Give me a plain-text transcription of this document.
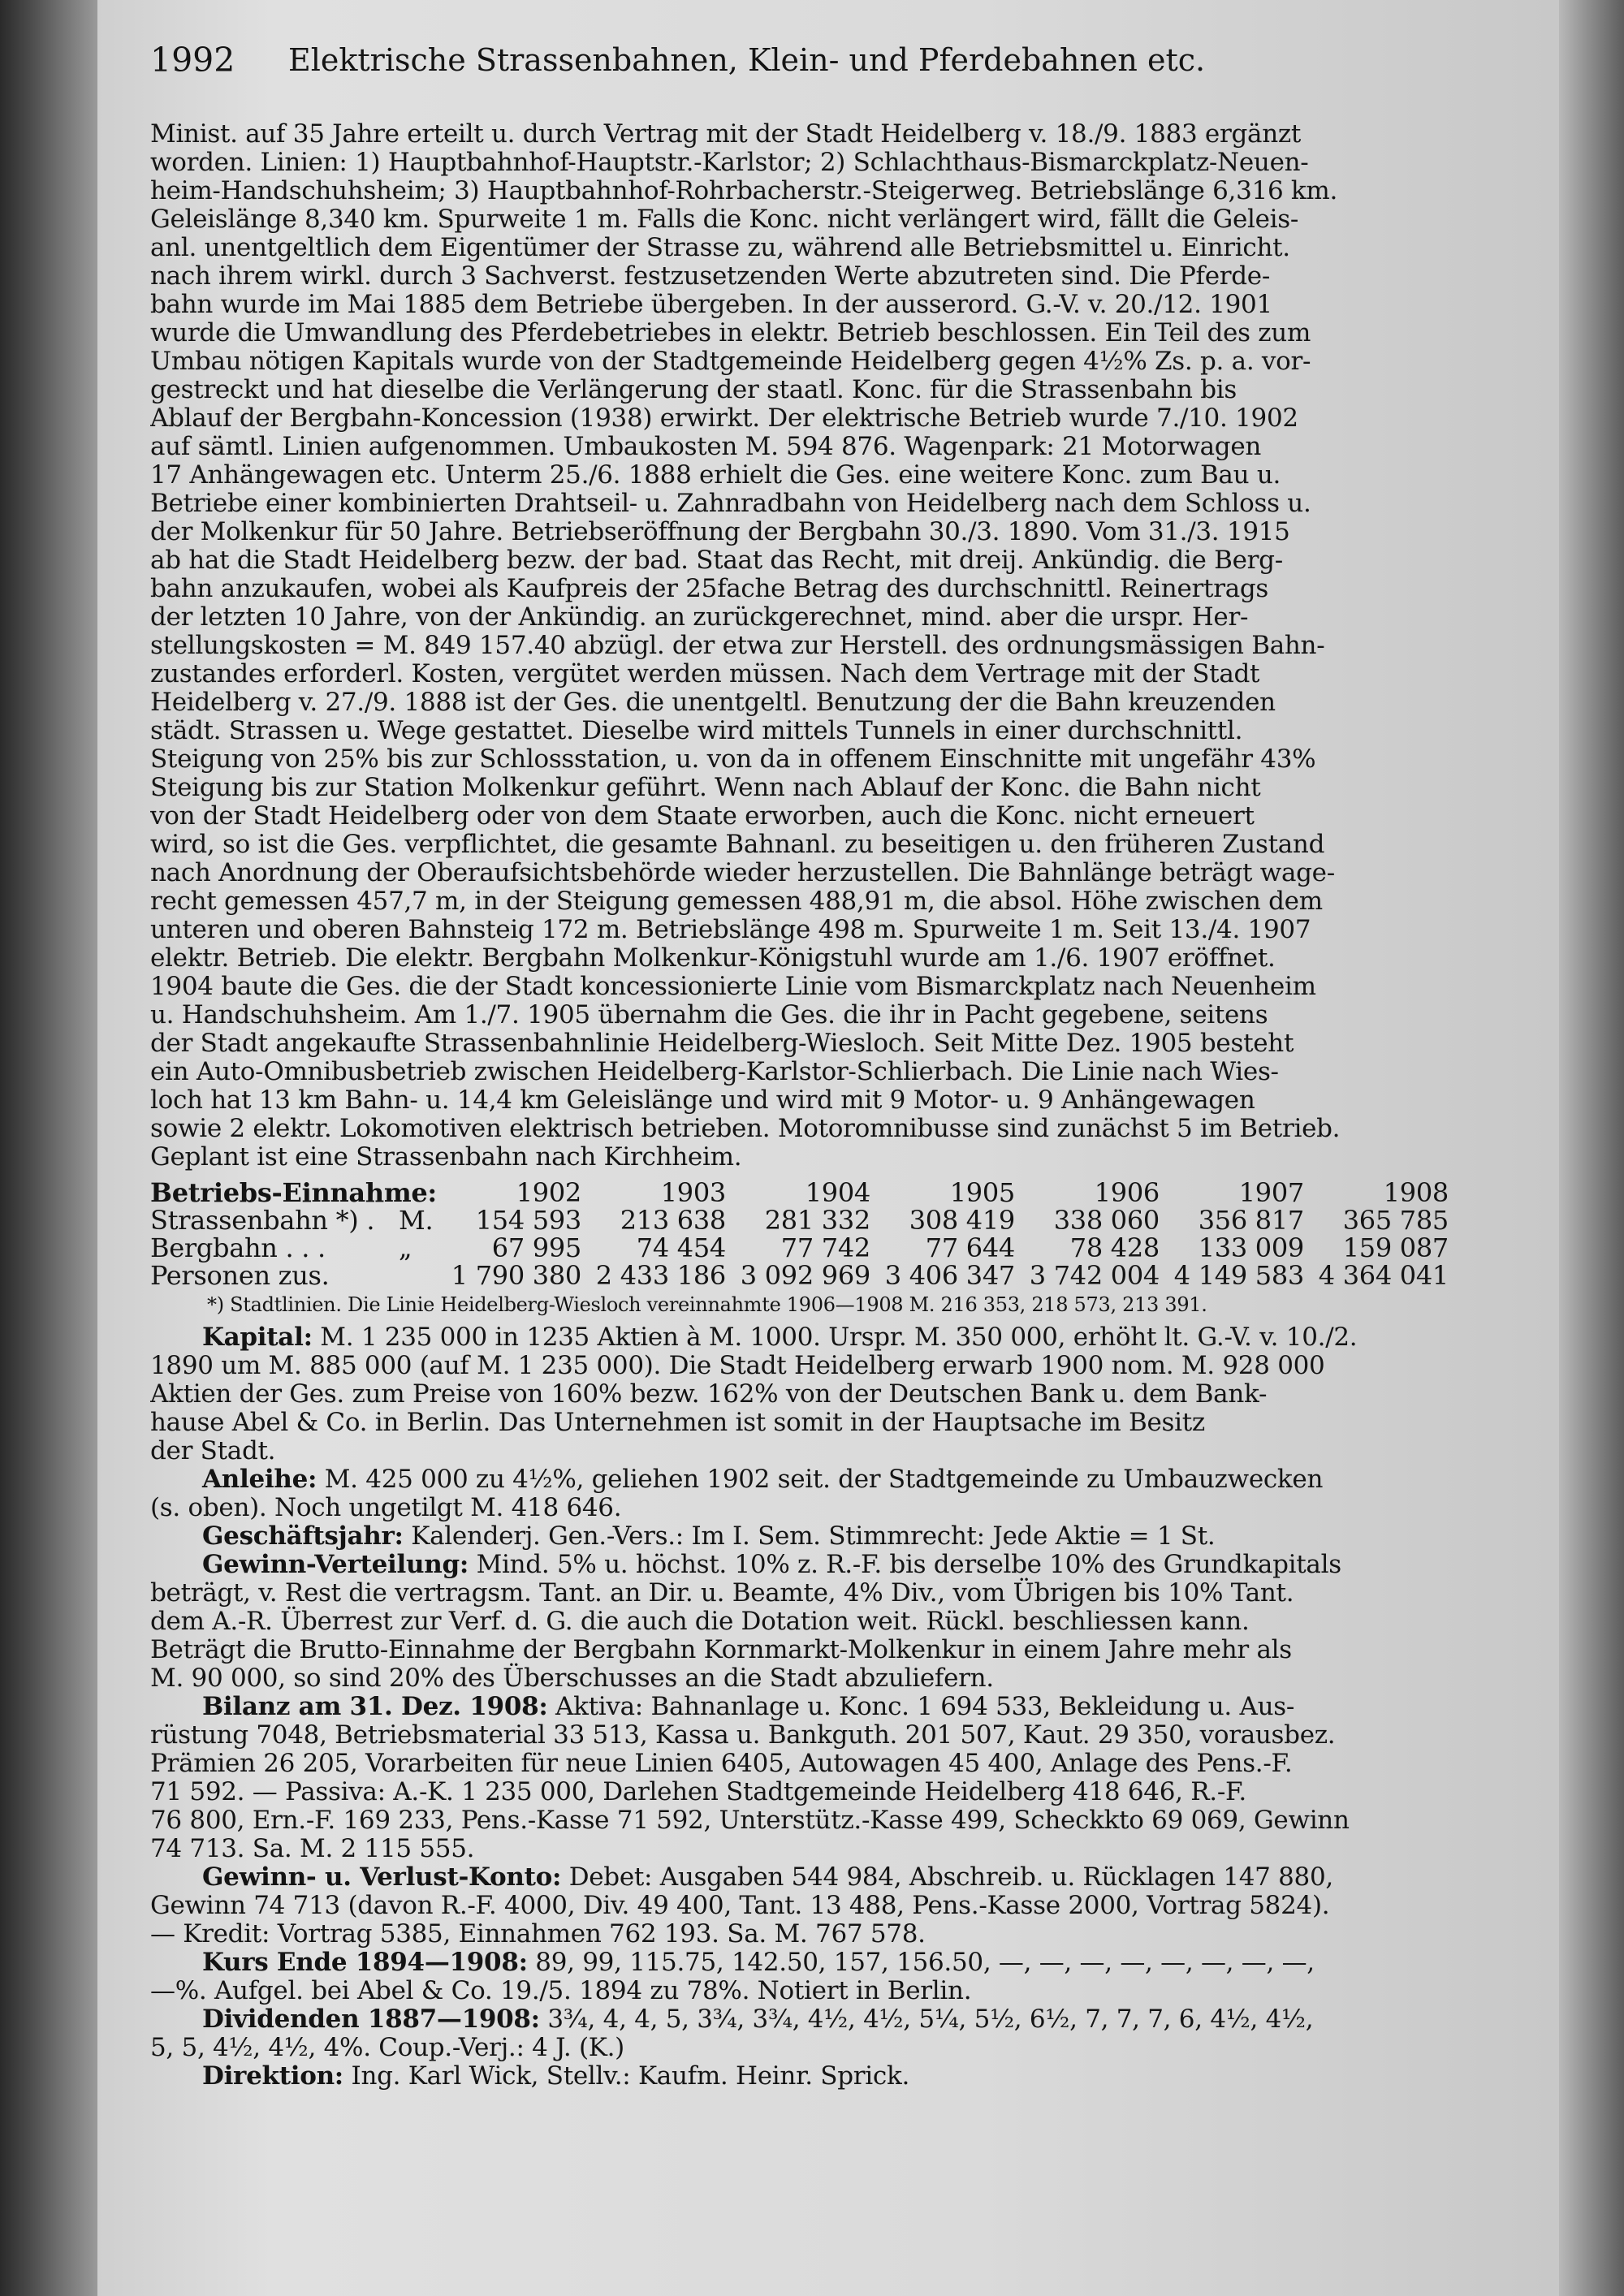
1992	Elektrische Strassenbahnen, Klein- und Pferdebahnen etc.
Minist. auf 35 Jahre erteilt u. durch Vertrag mit der Stadt Heidelberg v. 18./9. 1883 ergänzt
worden. Linien: 1) Hauptbahnhof-Hauptstr.-Karlstor; 2) Schlachthaus-Bismarckplatz-Neuen-
heim-Handschuhsheim; 3) Hauptbahnhof-Rohrbacherstr.-Steigerweg. Betriebslänge 6,316 km.
Geleislänge 8,340 km. Spurweite 1 m. Falls die Konc. nicht verlängert wird, fällt die Geleis-
anl. unentgeltlich dem Eigentümer der Strasse zu, während alle Betriebsmittel u. Einricht.
nach ihrem wirkl. durch 3 Sachverst. festzusetzenden Werte abzutreten sind. Die Pferde-
bahn wurde im Mai 1885 dem Betriebe übergeben. In der ausserord. G.-V. v. 20./12. 1901
wurde die Umwandlung des Pferdebetriebes in elektr. Betrieb beschlossen. Ein Teil des zum
Umbau nötigen Kapitals wurde von der Stadtgemeinde Heidelberg gegen 4½% Zs. p. a. vor-
gestreckt und hat dieselbe die Verlängerung der staatl. Konc. für die Strassenbahn bis
Ablauf der Bergbahn-Koncession (1938) erwirkt. Der elektrische Betrieb wurde 7./10. 1902
auf sämtl. Linien aufgenommen. Umbaukosten M. 594 876. Wagenpark: 21 Motorwagen
17 Anhängewagen etc. Unterm 25./6. 1888 erhielt die Ges. eine weitere Konc. zum Bau u.
Betriebe einer kombinierten Drahtseil- u. Zahnradbahn von Heidelberg nach dem Schloss u.
der Molkenkur für 50 Jahre. Betriebseröffnung der Bergbahn 30./3. 1890. Vom 31./3. 1915
ab hat die Stadt Heidelberg bezw. der bad. Staat das Recht, mit dreij. Ankündig. die Berg-
bahn anzukaufen, wobei als Kaufpreis der 25fache Betrag des durchschnittl. Reinertrags
der letzten 10 Jahre, von der Ankündig. an zurückgerechnet, mind. aber die urspr. Her-
stellungskosten = M. 849 157.40 abzügl. der etwa zur Herstell. des ordnungsmässigen Bahn-
zustandes erforderl. Kosten, vergütet werden müssen. Nach dem Vertrage mit der Stadt
Heidelberg v. 27./9. 1888 ist der Ges. die unentgeltl. Benutzung der die Bahn kreuzenden
städt. Strassen u. Wege gestattet. Dieselbe wird mittels Tunnels in einer durchschnittl.
Steigung von 25% bis zur Schlossstation, u. von da in offenem Einschnitte mit ungefähr 43%
Steigung bis zur Station Molkenkur geführt. Wenn nach Ablauf der Konc. die Bahn nicht
von der Stadt Heidelberg oder von dem Staate erworben, auch die Konc. nicht erneuert
wird, so ist die Ges. verpflichtet, die gesamte Bahnanl. zu beseitigen u. den früheren Zustand
nach Anordnung der Oberaufsichtsbehörde wieder herzustellen. Die Bahnlänge beträgt wage-
recht gemessen 457,7 m, in der Steigung gemessen 488,91 m, die absol. Höhe zwischen dem
unteren und oberen Bahnsteig 172 m. Betriebslänge 498 m. Spurweite 1 m. Seit 13./4. 1907
elektr. Betrieb. Die elektr. Bergbahn Molkenkur-Königstuhl wurde am 1./6. 1907 eröffnet.
1904 baute die Ges. die der Stadt koncessionierte Linie vom Bismarckplatz nach Neuenheim
u. Handschuhsheim. Am 1./7. 1905 übernahm die Ges. die ihr in Pacht gegebene, seitens
der Stadt angekaufte Strassenbahnlinie Heidelberg-Wiesloch. Seit Mitte Dez. 1905 besteht
ein Auto-Omnibusbetrieb zwischen Heidelberg-Karlstor-Schlierbach. Die Linie nach Wies-
loch hat 13 km Bahn- u. 14,4 km Geleislänge und wird mit 9 Motor- u. 9 Anhängewagen
sowie 2 elektr. Lokomotiven elektrisch betrieben. Motoromnibusse sind zunächst 5 im Betrieb.
Geplant ist eine Strassenbahn nach Kirchheim.
Betriebs-Einnahme:		1902	1903	1904	1905	1906	1907	1908
Strassenbahn *) .	M.	154 593	213 638	281 332	308 419	338 060	356 817	365 785
Bergbahn . . .	„	67 995	74 454	77 742	77 644	78 428	133 009	159 087
Personen zus.		1 790 380	2 433 186	3 092 969	3 406 347	3 742 004	4 149 583	4 364 041
*) Stadtlinien. Die Linie Heidelberg-Wiesloch vereinnahmte 1906—1908 M. 216 353, 218 573, 213 391.
Kapital: M. 1 235 000 in 1235 Aktien à M. 1000. Urspr. M. 350 000, erhöht lt. G.-V. v. 10./2.
1890 um M. 885 000 (auf M. 1 235 000). Die Stadt Heidelberg erwarb 1900 nom. M. 928 000
Aktien der Ges. zum Preise von 160% bezw. 162% von der Deutschen Bank u. dem Bank-
hause Abel & Co. in Berlin. Das Unternehmen ist somit in der Hauptsache im Besitz
der Stadt.
Anleihe: M. 425 000 zu 4½%, geliehen 1902 seit. der Stadtgemeinde zu Umbauzwecken
(s. oben). Noch ungetilgt M. 418 646.
Geschäftsjahr: Kalenderj. Gen.-Vers.: Im I. Sem. Stimmrecht: Jede Aktie = 1 St.
Gewinn-Verteilung: Mind. 5% u. höchst. 10% z. R.-F. bis derselbe 10% des Grundkapitals
beträgt, v. Rest die vertragsm. Tant. an Dir. u. Beamte, 4% Div., vom Übrigen bis 10% Tant.
dem A.-R. Überrest zur Verf. d. G. die auch die Dotation weit. Rückl. beschliessen kann.
Beträgt die Brutto-Einnahme der Bergbahn Kornmarkt-Molkenkur in einem Jahre mehr als
M. 90 000, so sind 20% des Überschusses an die Stadt abzuliefern.
Bilanz am 31. Dez. 1908: Aktiva: Bahnanlage u. Konc. 1 694 533, Bekleidung u. Aus-
rüstung 7048, Betriebsmaterial 33 513, Kassa u. Bankguth. 201 507, Kaut. 29 350, vorausbez.
Prämien 26 205, Vorarbeiten für neue Linien 6405, Autowagen 45 400, Anlage des Pens.-F.
71 592. — Passiva: A.-K. 1 235 000, Darlehen Stadtgemeinde Heidelberg 418 646, R.-F.
76 800, Ern.-F. 169 233, Pens.-Kasse 71 592, Unterstütz.-Kasse 499, Scheckkto 69 069, Gewinn
74 713. Sa. M. 2 115 555.
Gewinn- u. Verlust-Konto: Debet: Ausgaben 544 984, Abschreib. u. Rücklagen 147 880,
Gewinn 74 713 (davon R.-F. 4000, Div. 49 400, Tant. 13 488, Pens.-Kasse 2000, Vortrag 5824).
— Kredit: Vortrag 5385, Einnahmen 762 193. Sa. M. 767 578.
Kurs Ende 1894—1908: 89, 99, 115.75, 142.50, 157, 156.50, —, —, —, —, —, —, —, —,
—%. Aufgel. bei Abel & Co. 19./5. 1894 zu 78%. Notiert in Berlin.
Dividenden 1887—1908: 3¾, 4, 4, 5, 3¾, 3¾, 4½, 4½, 5¼, 5½, 6½, 7, 7, 7, 6, 4½, 4½,
5, 5, 4½, 4½, 4%. Coup.-Verj.: 4 J. (K.)
Direktion: Ing. Karl Wick, Stellv.: Kaufm. Heinr. Sprick.
